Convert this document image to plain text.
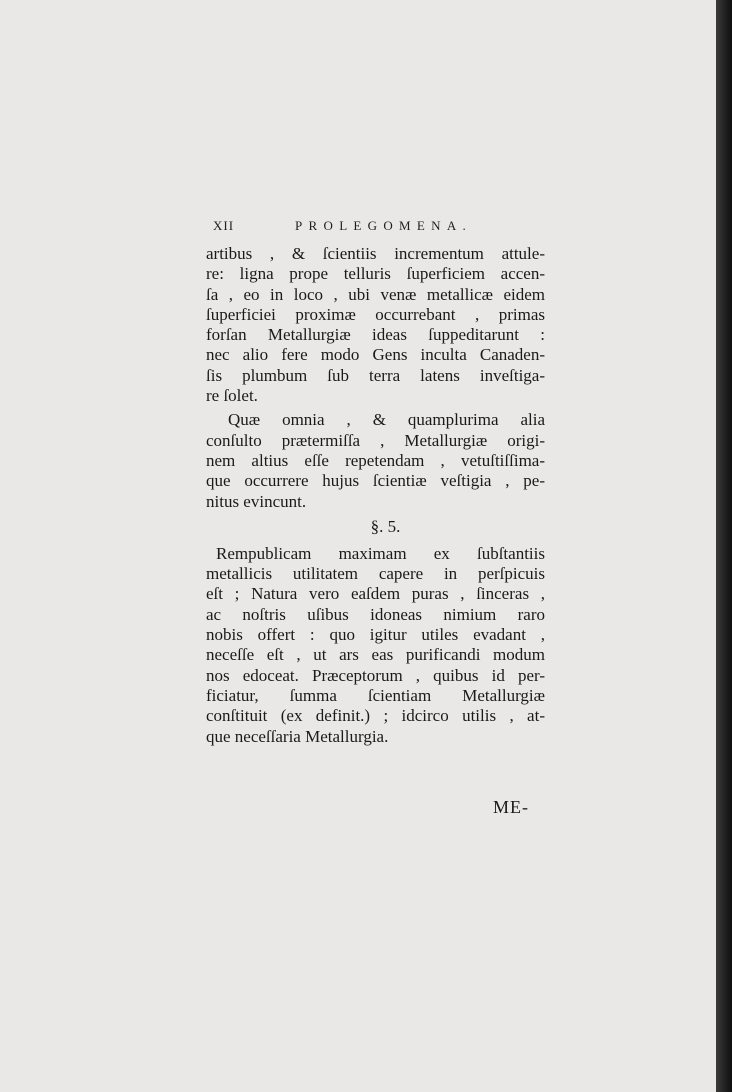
XII	PROLEGOMENA.
artibus , & ſcientiis incrementum attule-
re: ligna prope telluris ſuperficiem accen-
ſa , eo in loco , ubi venæ metallicæ eidem
ſuperficiei proximæ occurrebant , primas
forſan Metallurgiæ ideas ſuppeditarunt :
nec alio fere modo Gens inculta Canaden-
ſis plumbum ſub terra latens inveſtiga-
re ſolet.
Quæ omnia , & quamplurima alia
conſulto prætermiſſa , Metallurgiæ origi-
nem altius eſſe repetendam , vetuſtiſſima-
que occurrere hujus ſcientiæ veſtigia , pe-
nitus evincunt.
§. 5.
Rempublicam maximam ex ſubſtantiis
metallicis utilitatem capere in perſpicuis
eſt ; Natura vero eaſdem puras , ſinceras ,
ac noſtris uſibus idoneas nimium raro
nobis offert : quo igitur utiles evadant ,
neceſſe eſt , ut ars eas purificandi modum
nos edoceat. Præceptorum , quibus id per-
ficiatur, ſumma ſcientiam Metallurgiæ
conſtituit (ex definit.) ; idcirco utilis , at-
que neceſſaria Metallurgia.
ME-
